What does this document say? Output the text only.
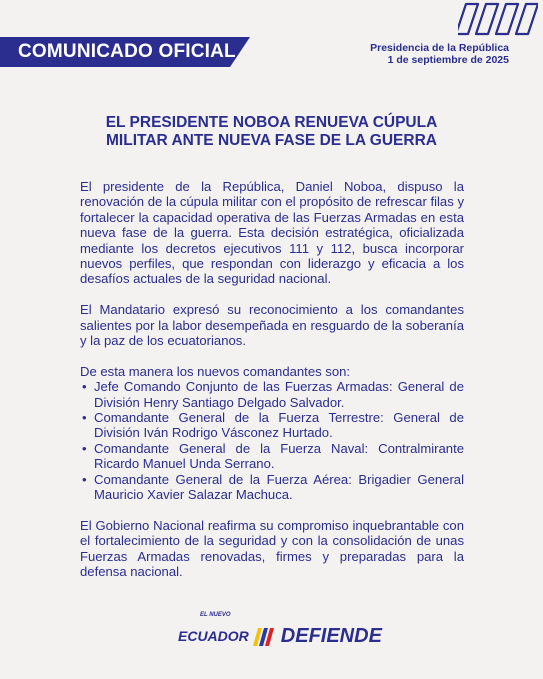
COMUNICADO OFICIAL	Presidencia de la República
1 de septiembre de 2025
EL PRESIDENTE NOBOA RENUEVA CÚPULA
MILITAR ANTE NUEVA FASE DE LA GUERRA

El presidente de la República, Daniel Noboa, dispuso la renovación de la cúpula militar con el propósito de refrescar filas y fortalecer la capacidad operativa de las Fuerzas Armadas en esta nueva fase de la guerra. Esta decisión estratégica, oficializada mediante los decretos ejecutivos 111 y 112, busca incorporar nuevos perfiles, que respondan con liderazgo y eficacia a los desafíos actuales de la seguridad nacional.

El Mandatario expresó su reconocimiento a los comandantes salientes por la labor desempeñada en resguardo de la soberanía y la paz de los ecuatorianos.

De esta manera los nuevos comandantes son:
• Jefe Comando Conjunto de las Fuerzas Armadas: General de División Henry Santiago Delgado Salvador.
• Comandante General de la Fuerza Terrestre: General de División Iván Rodrigo Vásconez Hurtado.
• Comandante General de la Fuerza Naval: Contralmirante Ricardo Manuel Unda Serrano.
• Comandante General de la Fuerza Aérea: Brigadier General Mauricio Xavier Salazar Machuca.

El Gobierno Nacional reafirma su compromiso inquebrantable con el fortalecimiento de la seguridad y con la consolidación de unas Fuerzas Armadas renovadas, firmes y preparadas para la defensa nacional.

EL NUEVO
ECUADOR DEFIENDE
